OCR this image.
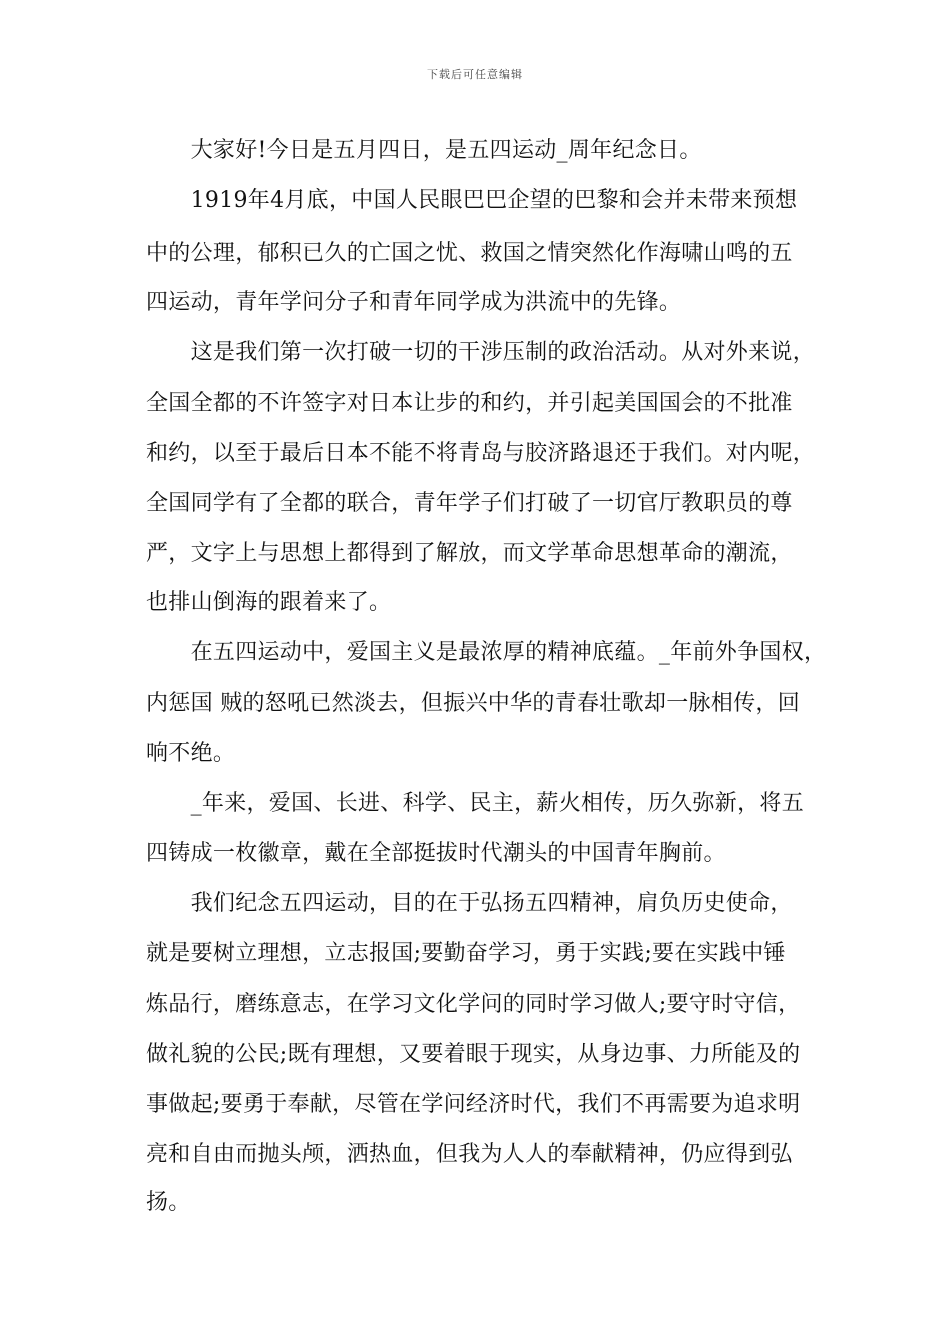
下载后可任意编辑
　　大家好!今日是五月四日，是五四运动_周年纪念日。
　　1919年4月底，中国人民眼巴巴企望的巴黎和会并未带来预想
中的公理，郁积已久的亡国之忧、救国之情突然化作海啸山鸣的五
四运动，青年学问分子和青年同学成为洪流中的先锋。
　　这是我们第一次打破一切的干涉压制的政治活动。从对外来说，
全国全都的不许签字对日本让步的和约，并引起美国国会的不批准
和约，以至于最后日本不能不将青岛与胶济路退还于我们。对内呢，
全国同学有了全都的联合，青年学子们打破了一切官厅教职员的尊
严，文字上与思想上都得到了解放，而文学革命思想革命的潮流，
也排山倒海的跟着来了。
　　在五四运动中，爱国主义是最浓厚的精神底蕴。_年前外争国权，
内惩国 贼的怒吼已然淡去，但振兴中华的青春壮歌却一脉相传，回
响不绝。
　　_年来，爱国、长进、科学、民主，薪火相传，历久弥新，将五
四铸成一枚徽章，戴在全部挺拔时代潮头的中国青年胸前。
　　我们纪念五四运动，目的在于弘扬五四精神，肩负历史使命，
就是要树立理想，立志报国;要勤奋学习，勇于实践;要在实践中锤
炼品行，磨练意志，在学习文化学问的同时学习做人;要守时守信，
做礼貌的公民;既有理想，又要着眼于现实，从身边事、力所能及的
事做起;要勇于奉献，尽管在学问经济时代，我们不再需要为追求明
亮和自由而抛头颅，洒热血，但我为人人的奉献精神，仍应得到弘
扬。
